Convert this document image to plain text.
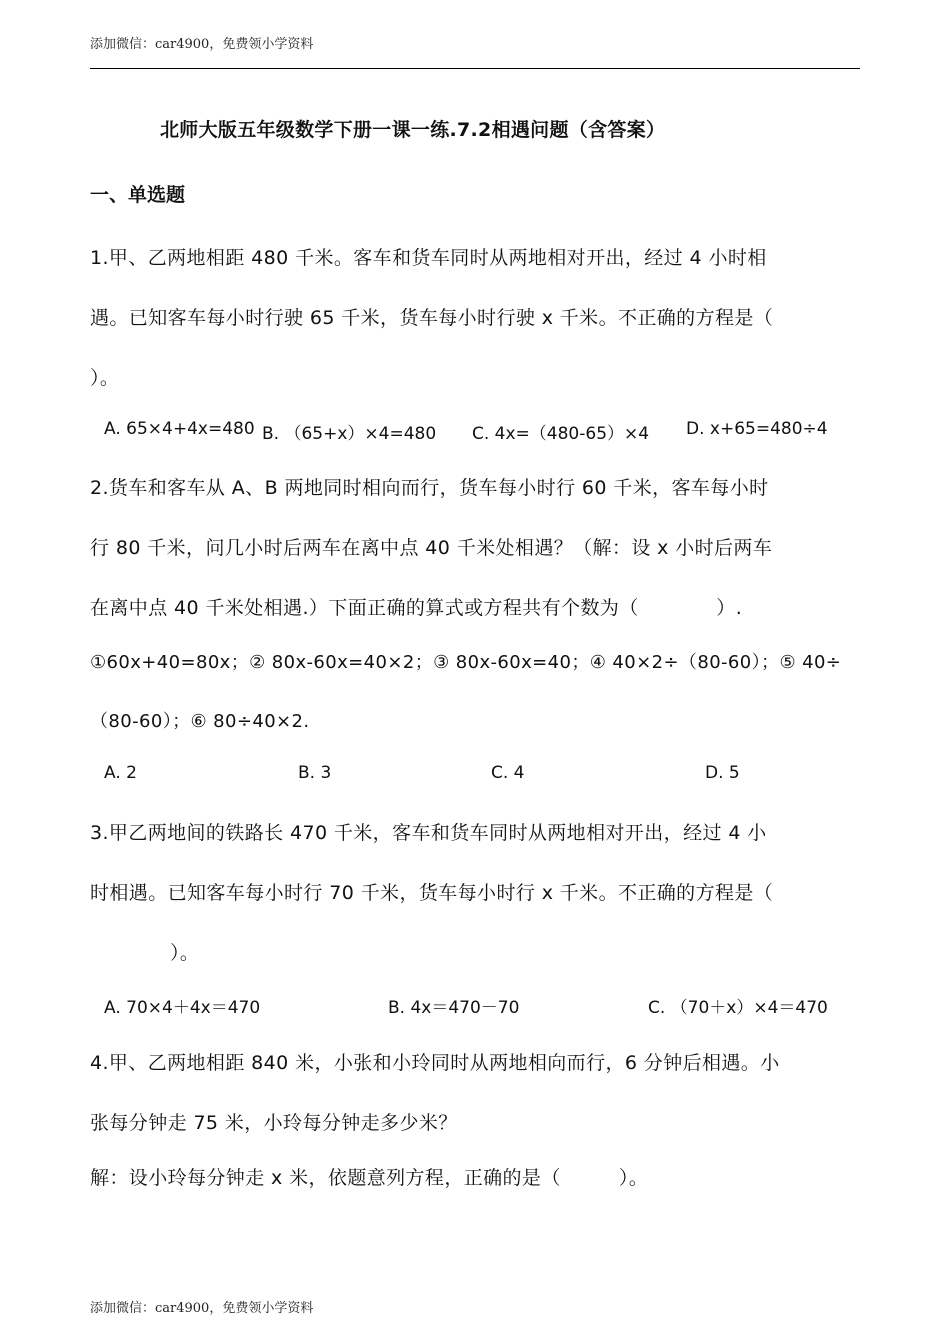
添加微信：car4900，免费领小学资料
北师大版五年级数学下册一课一练.7.2相遇问题（含答案）
一、单选题
1.甲、乙两地相距 480 千米。客车和货车同时从两地相对开出，经过 4 小时相
遇。已知客车每小时行驶 65 千米，货车每小时行驶 x 千米。不正确的方程是（
）。
A. 65×4+4x=480 B. （65+x）×4=480 C. 4x=（480-65）×4 D. x+65=480÷4
2.货车和客车从 A、B 两地同时相向而行，货车每小时行 60 千米，客车每小时
行 80 千米，问几小时后两车在离中点 40 千米处相遇？（解：设 x 小时后两车
在离中点 40 千米处相遇.）下面正确的算式或方程共有个数为（　　　　）.
①60x+40=80x；② 80x-60x=40×2；③ 80x-60x=40；④ 40×2÷（80-60）；⑤ 40÷
（80-60）；⑥ 80÷40×2.
A. 2	B. 3	C. 4	D. 5
3.甲乙两地间的铁路长 470 千米，客车和货车同时从两地相对开出，经过 4 小
时相遇。已知客车每小时行 70 千米，货车每小时行 x 千米。不正确的方程是（
）。
A. 70×4＋4x＝470	B. 4x＝470－70	C. （70＋x）×4＝470
4.甲、乙两地相距 840 米，小张和小玲同时从两地相向而行，6 分钟后相遇。小
张每分钟走 75 米，小玲每分钟走多少米？
解：设小玲每分钟走 x 米，依题意列方程，正确的是（　　　）。
添加微信：car4900，免费领小学资料
